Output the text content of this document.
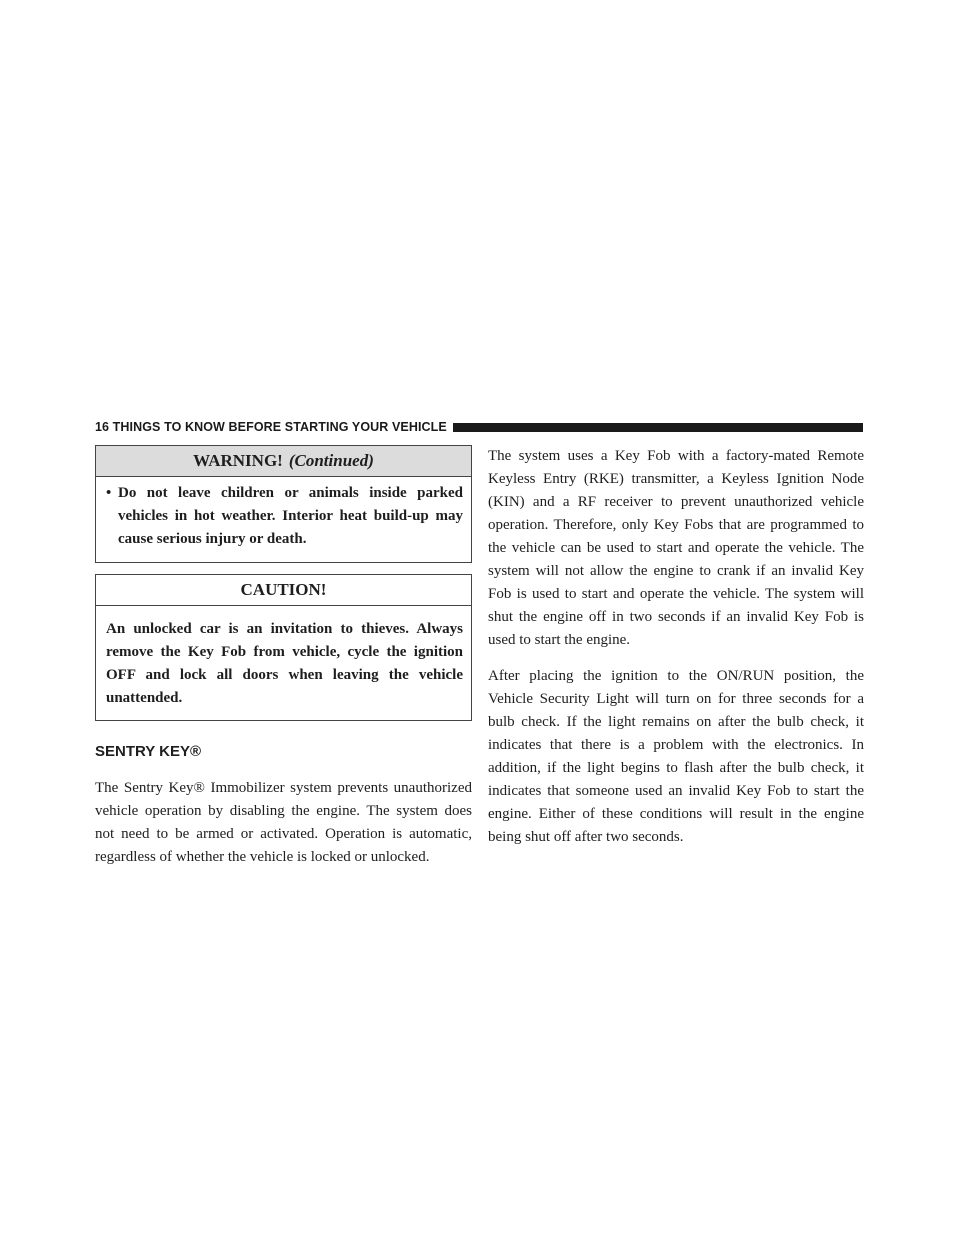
16 THINGS TO KNOW BEFORE STARTING YOUR VEHICLE
WARNING! (Continued)
• Do not leave children or animals inside parked vehicles in hot weather. Interior heat build-up may cause serious injury or death.
CAUTION!
An unlocked car is an invitation to thieves. Always remove the Key Fob from vehicle, cycle the ignition OFF and lock all doors when leaving the vehicle unattended.
SENTRY KEY®

The Sentry Key® Immobilizer system prevents unauthorized vehicle operation by disabling the engine. The system does not need to be armed or activated. Operation is automatic, regardless of whether the vehicle is locked or unlocked.

The system uses a Key Fob with a factory-mated Remote Keyless Entry (RKE) transmitter, a Keyless Ignition Node (KIN) and a RF receiver to prevent unauthorized vehicle operation. Therefore, only Key Fobs that are programmed to the vehicle can be used to start and operate the vehicle. The system will not allow the engine to crank if an invalid Key Fob is used to start and operate the vehicle. The system will shut the engine off in two seconds if an invalid Key Fob is used to start the engine.

After placing the ignition to the ON/RUN position, the Vehicle Security Light will turn on for three seconds for a bulb check. If the light remains on after the bulb check, it indicates that there is a problem with the electronics. In addition, if the light begins to flash after the bulb check, it indicates that someone used an invalid Key Fob to start the engine. Either of these conditions will result in the engine being shut off after two seconds.
